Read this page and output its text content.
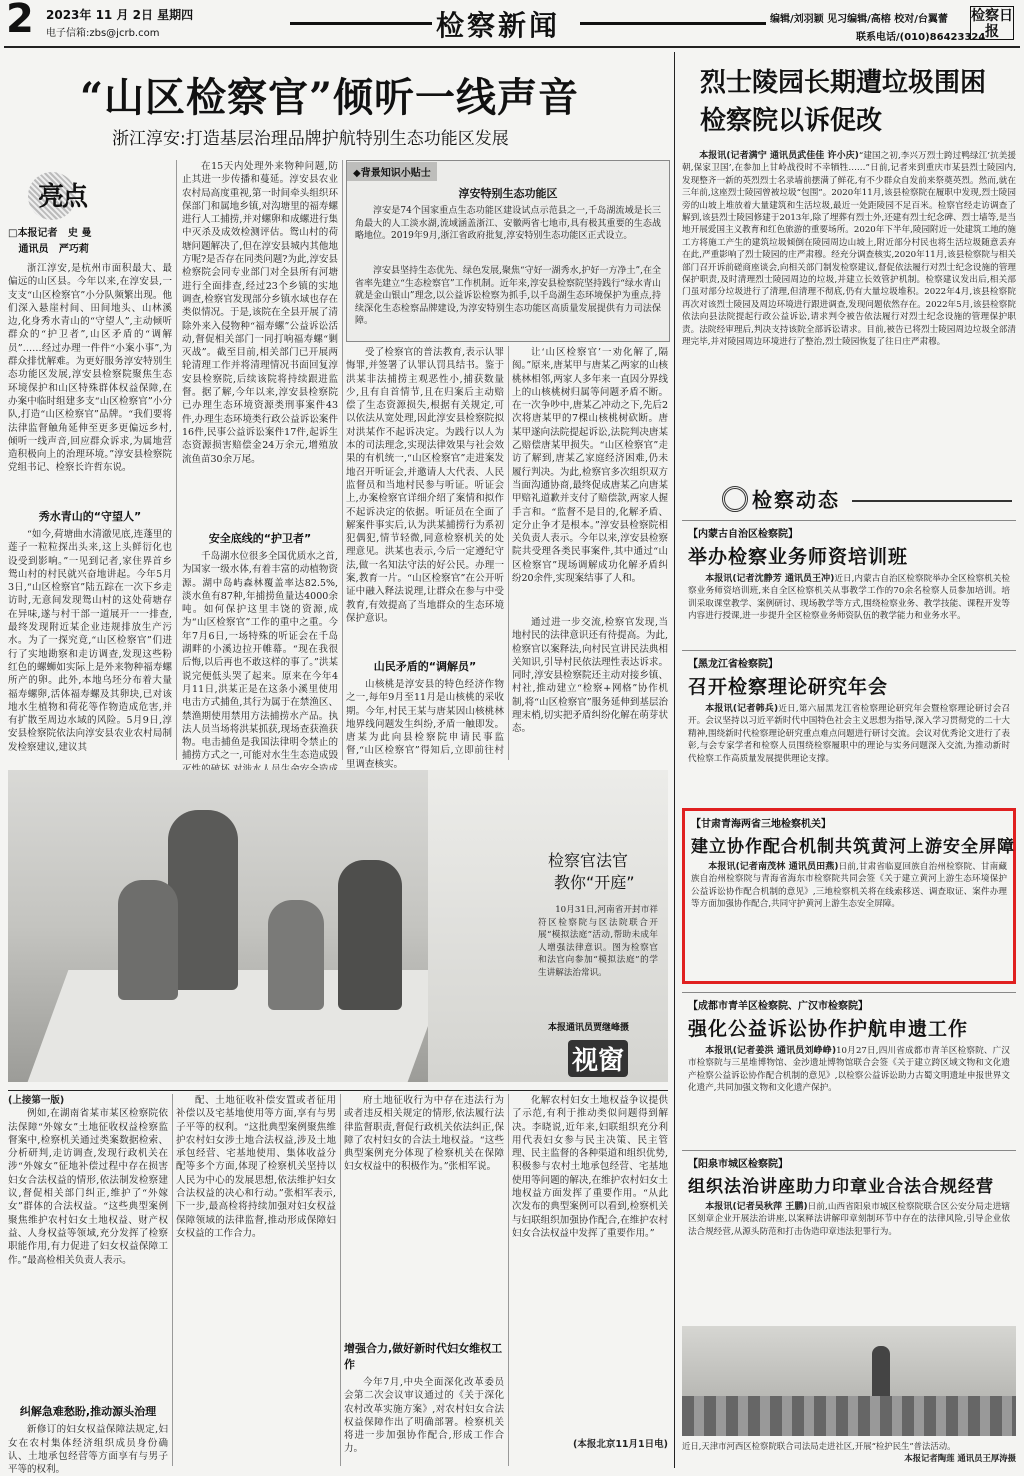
2 2023年 11 月 2日 星期四
电子信箱:zbs@jcrb.com	检察新闻	编辑/刘羽颖 见习编辑/高榕 校对/台翼蕾
联系电话/(010)86423324
检察日报
“山区检察官”倾听一线声音
浙江淳安:打造基层治理品牌护航特别生态功能区发展
亮点
□本报记者 史 曼
通讯员 严巧莉
浙江淳安,是杭州市面积最大、最偏远的山区县。今年以来,在淳安县,一支支“山区检察官”小分队频繁出现。他们深入悬崖村间、田间地头、山林溪边,化身秀水青山的“守望人”,主动倾听群众的“护卫者”,山区矛盾的“调解员”……经过办理一件件“小案小事”,为群众排忧解难。为更好服务淳安特别生态功能区发展,淳安县检察院聚焦生态环境保护和山区特殊群体权益保障,在办案中临时组建多支“山区检察官”小分队,打造“山区检察官”品牌。“我们要将法律监督触角延伸至更多更偏远乡村,倾听一线声音,回应群众诉求,为属地营造积极向上的治理环境。”淳安县检察院党组书记、检察长许哲东说。
秀水青山的“守望人”
“如今,荷塘曲水清澈见底,连蓬里的莲子一粒粒探出头来,这上头鲜衍化也设受到影响。”一见到记者,家住界首乡鸳山村的村民就兴奋地讲起。今年5月3日,“山区检察官”陆五踪在一次下乡走访时,无意间发现鸳山村的这处荷塘存在异味,遂与村干部一道展开一一排查,最终发现附近某企业违规排放生产污水。为了一探究竟,“山区检察官”们进行了实地勘察和走访调查,发现这些粉红色的螺蛳如实际上是外来物种福寿螺所产的卵。此外,本地乌坯分布着大量福寿螺卵,活体福寿螺及其卵块,已对该地水生植物和荷花等作物造成危害,并有扩散至周边水域的风险。5月9日,淳安县检察院依法向淳安县农业农村局制发检察建议,建议其
在15天内处理外来物种问题,防止其进一步传播和蔓延。淳安县农业农村局高度重视,第一时间牵头组织环保部门和属地乡镇,对沟塘里的福寿螺进行人工捕捞,并对螺卵和成螺进行集中灭杀及成效检测评估。鸳山村的荷塘问题解决了,但在淳安县城内其他地方呢?是否存在同类问题?为此,淳安县检察院会同专业部门对全县所有河塘进行全面排查,经过23个乡镇的实地调查,检察官发现部分乡镇水域也存在类似情况。于是,该院在全县开展了清除外来入侵物种“福寿螺”公益诉讼活动,督促相关部门一同打响福寿螺“剿灭战”。截至目前,相关部门已开展两轮清理工作并将清理情况书面回复淳安县检察院,后续该院将持续跟进监督。据了解,今年以来,淳安县检察院已办理生态环境资源类刑事案件43件,办理生态环境类行政公益诉讼案件16件,民事公益诉讼案件17件,起诉生态资源损害赔偿金24万余元,增殖放流鱼苗30余万尾。
安全底线的“护卫者”
千岛湖水位很多全国优质水之首,为国家一级水体,有着丰富的动植物资源。湖中岛屿森林覆盖率达82.5%,淡水鱼有87种,年捕捞鱼量达4000余吨。如何保护这里丰饶的资源,成为“山区检察官”工作的重中之重。今年7月6日,一场特殊的听证会在千岛湖畔的小溪边拉开帷幕。“现在我很后悔,以后再也不敢这样的事了。”洪某说完便低头哭了起来。原来在今年4月11日,洪某正是在这条小溪里使用电击方式捕鱼,其行为属于在禁渔区、禁渔期使用禁用方法捕捞水产品。执法人员当场将洪某抓获,现场查获渔获物。电击捕鱼是我国法律明令禁止的捕捞方式之一,可能对水生生态造成毁
◆背景知识小贴士
淳安特别生态功能区
淳安是74个国家重点生态功能区建设试点示范县之一,千岛湖流域是长三角最大的人工淡水湖,流域涵盖浙江、安徽两省七地市,具有极其重要的生态战略地位。2019年9月,浙江省政府批复,淳安特别生态功能区正式设立。
淳安县坚持生态优先、绿色发展,聚焦“守好一湖秀水,护好一方净土”,在全省率先建立“生态检察官”工作机制。近年来,淳安县检察院坚持践行“绿水青山就是金山银山”理念,以公益诉讼检察为抓手,以千岛湖生态环境保护为重点,持续深化生态检察品牌建设,为淳安特别生态功能区高质量发展提供有力司法保障。
受了检察官的普法教育,表示认罪悔罪,并签署了认罪认罚具结书。鉴于洪某非法捕捞主观恶性小,捕获数量少,且有自首情节,且在归案后主动赔偿了生态资源损失,根据有关规定,可以依法从宽处理,因此淳安县检察院拟对洪某作不起诉决定。为践行以人为本的司法理念,实现法律效果与社会效果的有机统一,“山区检察官”走进案发地召开听证会,并邀请人大代表、人民监督员和当地村民参与听证。听证会上,办案检察官详细介绍了案情和拟作不起诉决定的依据。听证员在全面了解案件事实后,认为洪某捕捞行为系初犯偶犯,情节轻微,同意检察机关的处理意见。洪某也表示,今后一定遵纪守法,做一名知法守法的好公民。办理一案,教育一片。“山区检察官”在公开听证中融入释法说理,让群众在参与中受教育,有效提高了当地群众的生态环境保护意识。
山民矛盾的“调解员”
山核桃是淳安县的特色经济作物之一,每年9月至11月是山核桃的采收期。今年,村民王某与唐某因山核桃林地界线问题发生纠纷,矛盾一触即发。唐某为此向县检察院申请民事监督,“山区检察官”得知后,立即前往村里调查核实。
让‘山区检察官’一劝化解了,隔阂。”原来,唐某甲与唐某乙两家的山核桃林相邻,两家人多年来一直因分界线上的山核桃树归属等问题矛盾不断。在一次争吵中,唐某乙冲动之下,先后2次将唐某甲的7棵山核桃树砍断。唐某甲遂向法院提起诉讼,法院判决唐某乙赔偿唐某甲损失。“山区检察官”走访了解到,唐某乙家庭经济困难,仍未履行判决。为此,检察官多次组织双方当面沟通协商,最终促成唐某乙向唐某甲赔礼道歉并支付了赔偿款,两家人握手言和。“监督不是目的,化解矛盾、定分止争才是根本。”淳安县检察院相关负责人表示。今年以来,淳安县检察院共受理各类民事案件,其中通过“山区检察官”现场调解成功化解矛盾纠纷20余件,实现案结事了人和。
通过进一步交流,检察官发现,当地村民的法律意识还有待提高。为此,检察官以案释法,向村民宣讲民法典相关知识,引导村民依法理性表达诉求。同时,淳安县检察院还主动对接乡镇、村社,推动建立“检察+网格”协作机制,将“山区检察官”服务延伸到基层治理末梢,切实把矛盾纠纷化解在萌芽状态。
检察官法官
教你“开庭”
10月31日,河南省开封市祥符区检察院与区法院联合开展“模拟法庭”活动,帮助未成年人增强法律意识。图为检察官和法官向参加“模拟法庭”的学生讲解法治常识。
本报通讯员贾继峰摄
视窗
(上接第一版)
例如,在湖南省某市某区检察院依法保障“外嫁女”土地征收权益检察监督案中,检察机关通过类案数据检索、分析研判,走访调查,发现行政机关在涉“外嫁女”征地补偿过程中存在损害妇女合法权益的情形,依法制发检察建议,督促相关部门纠正,维护了“外嫁女”群体的合法权益。“这些典型案例聚焦维护农村妇女土地权益、财产权益、人身权益等领域,充分发挥了检察职能作用,有力促进了妇女权益保障工作。”最高检相关负责人表示。
纠解急难愁盼,推动源头治理
新修订的妇女权益保障法规定,妇女在农村集体经济组织成员身份确认、土地承包经营等方面享有与男子平等的权利。
配、土地征收补偿安置或者征用补偿以及宅基地使用等方面,享有与男子平等的权利。“这批典型案例聚焦维护农村妇女涉土地合法权益,涉及土地承包经营、宅基地使用、集体收益分配等多个方面,体现了检察机关坚持以人民为中心的发展思想,依法维护妇女合法权益的决心和行动。”张相军表示,下一步,最高检将持续加强对妇女权益保障领域的法律监督,推动形成保障妇女权益的工作合力。
府土地征收行为中存在违法行为或者违反相关规定的情形,依法履行法律监督职责,督促行政机关依法纠正,保障了农村妇女的合法土地权益。“这些典型案例充分体现了检察机关在保障妇女权益中的积极作为。”张相军说。
增强合力,做好新时代妇女维权工作
今年7月,中央全面深化改革委员会第二次会议审议通过的《关于深化农村改革实施方案》,对农村妇女合法权益保障作出了明确部署。检察机关将进一步加强协作配合,形成工作合力。
化解农村妇女土地权益争议提供了示范,有利于推动类似问题得到解决。李晓说,近年来,妇联组织充分利用代表妇女参与民主决策、民主管理、民主监督的各种渠道和组织优势,积极参与农村土地承包经营、宅基地使用等问题的解决,在维护农村妇女土地权益方面发挥了重要作用。“从此次发布的典型案例可以看到,检察机关与妇联组织加强协作配合,在维护农村妇女合法权益中发挥了重要作用。”
(本报北京11月1日电)
烈士陵园长期遭垃圾围困
检察院以诉促改
本报讯(记者满宁 通讯员武佳佳 许小庆)“建国之初,李兴万烈士跨过鸭绿江‘抗美援朝,保家卫国’,在参加上甘岭战役时不幸牺牲……”日前,记者来到重庆市某县烈士陵园内,发现整齐一新的英烈烈士名录墙前摆满了鲜花,有不少群众自发前来祭奠英烈。然而,就在三年前,这座烈士陵园曾被垃圾“包围”。2020年11月,该县检察院在履职中发现,烈士陵园旁的山坡上堆放着大量建筑和生活垃圾,最近一处距陵园不足百米。检察官经走访调查了解到,该县烈士陵园修建于2013年,除了埋葬有烈士外,还建有烈士纪念碑、烈士墙等,是当地开展爱国主义教育和红色旅游的重要场所。2020年下半年,陵园附近一处建筑工地的施工方将施工产生的建筑垃圾倾倒在陵园周边山坡上,附近部分村民也将生活垃圾随意丢弃在此,严重影响了烈士陵园的庄严肃穆。经充分调查核实,2020年11月,该县检察院与相关部门召开诉前磋商座谈会,向相关部门制发检察建议,督促依法履行对烈士纪念设施的管理保护职责,及时清理烈士陵园周边的垃圾,并建立长效管护机制。检察建议发出后,相关部门虽对部分垃圾进行了清理,但清理不彻底,仍有大量垃圾堆积。2022年4月,该县检察院再次对该烈士陵园及周边环境进行跟进调查,发现问题依然存在。2022年5月,该县检察院依法向县法院提起行政公益诉讼,请求判令被告依法履行对烈士纪念设施的管理保护职责。法院经审理后,判决支持该院全部诉讼请求。目前,被告已将烈士陵园周边垃圾全部清理完毕,并对陵园周边环境进行了整治,烈士陵园恢复了往日庄严肃穆。
检察动态
【内蒙古自治区检察院】
举办检察业务师资培训班
本报讯(记者沈静芳 通讯员王冲)近日,内蒙古自治区检察院举办全区检察机关检察业务师资培训班,来自全区检察机关从事教学工作的70余名检察人员参加培训。培训采取课堂教学、案例研讨、现场教学等方式,围绕检察业务、教学技能、课程开发等内容进行授课,进一步提升全区检察业务师资队伍的教学能力和业务水平。
【黑龙江省检察院】
召开检察理论研究年会
本报讯(记者韩兵)近日,第六届黑龙江省检察理论研究年会暨检察理论研讨会召开。会议坚持以习近平新时代中国特色社会主义思想为指导,深入学习贯彻党的二十大精神,围绕新时代检察理论研究重点难点问题进行研讨交流。会议对优秀论文进行了表彰,与会专家学者和检察人员围绕检察履职中的理论与实务问题深入交流,为推动新时代检察工作高质量发展提供理论支撑。
【甘肃青海两省三地检察机关】
建立协作配合机制共筑黄河上游安全屏障
本报讯(记者南茂林 通讯员田燕)日前,甘肃省临夏回族自治州检察院、甘南藏族自治州检察院与青海省海东市检察院共同会签《关于建立黄河上游生态环境保护公益诉讼协作配合机制的意见》,三地检察机关将在线索移送、调查取证、案件办理等方面加强协作配合,共同守护黄河上游生态安全屏障。
【成都市青羊区检察院、广汉市检察院】
强化公益诉讼协作护航申遗工作
本报讯(记者姜洪 通讯员刘峥峥)10月27日,四川省成都市青羊区检察院、广汉市检察院与三星堆博物馆、金沙遗址博物馆联合会签《关于建立跨区域文物和文化遗产检察公益诉讼协作配合机制的意见》,以检察公益诉讼助力古蜀文明遗址申报世界文化遗产,共同加强文物和文化遗产保护。
【阳泉市城区检察院】
组织法治讲座助力印章业合法合规经营
本报讯(记者吴秋萍 王鹏)日前,山西省阳泉市城区检察院联合区公安分局走进辖区刻章企业开展法治讲座,以案释法讲解印章刻制环节中存在的法律风险,引导企业依法合规经营,从源头防范和打击伪造印章违法犯罪行为。
近日,天津市河西区检察院联合司法局走进社区,开展“检护民生”普法活动。
本报记者陶莲 通讯员王厚涛摄
